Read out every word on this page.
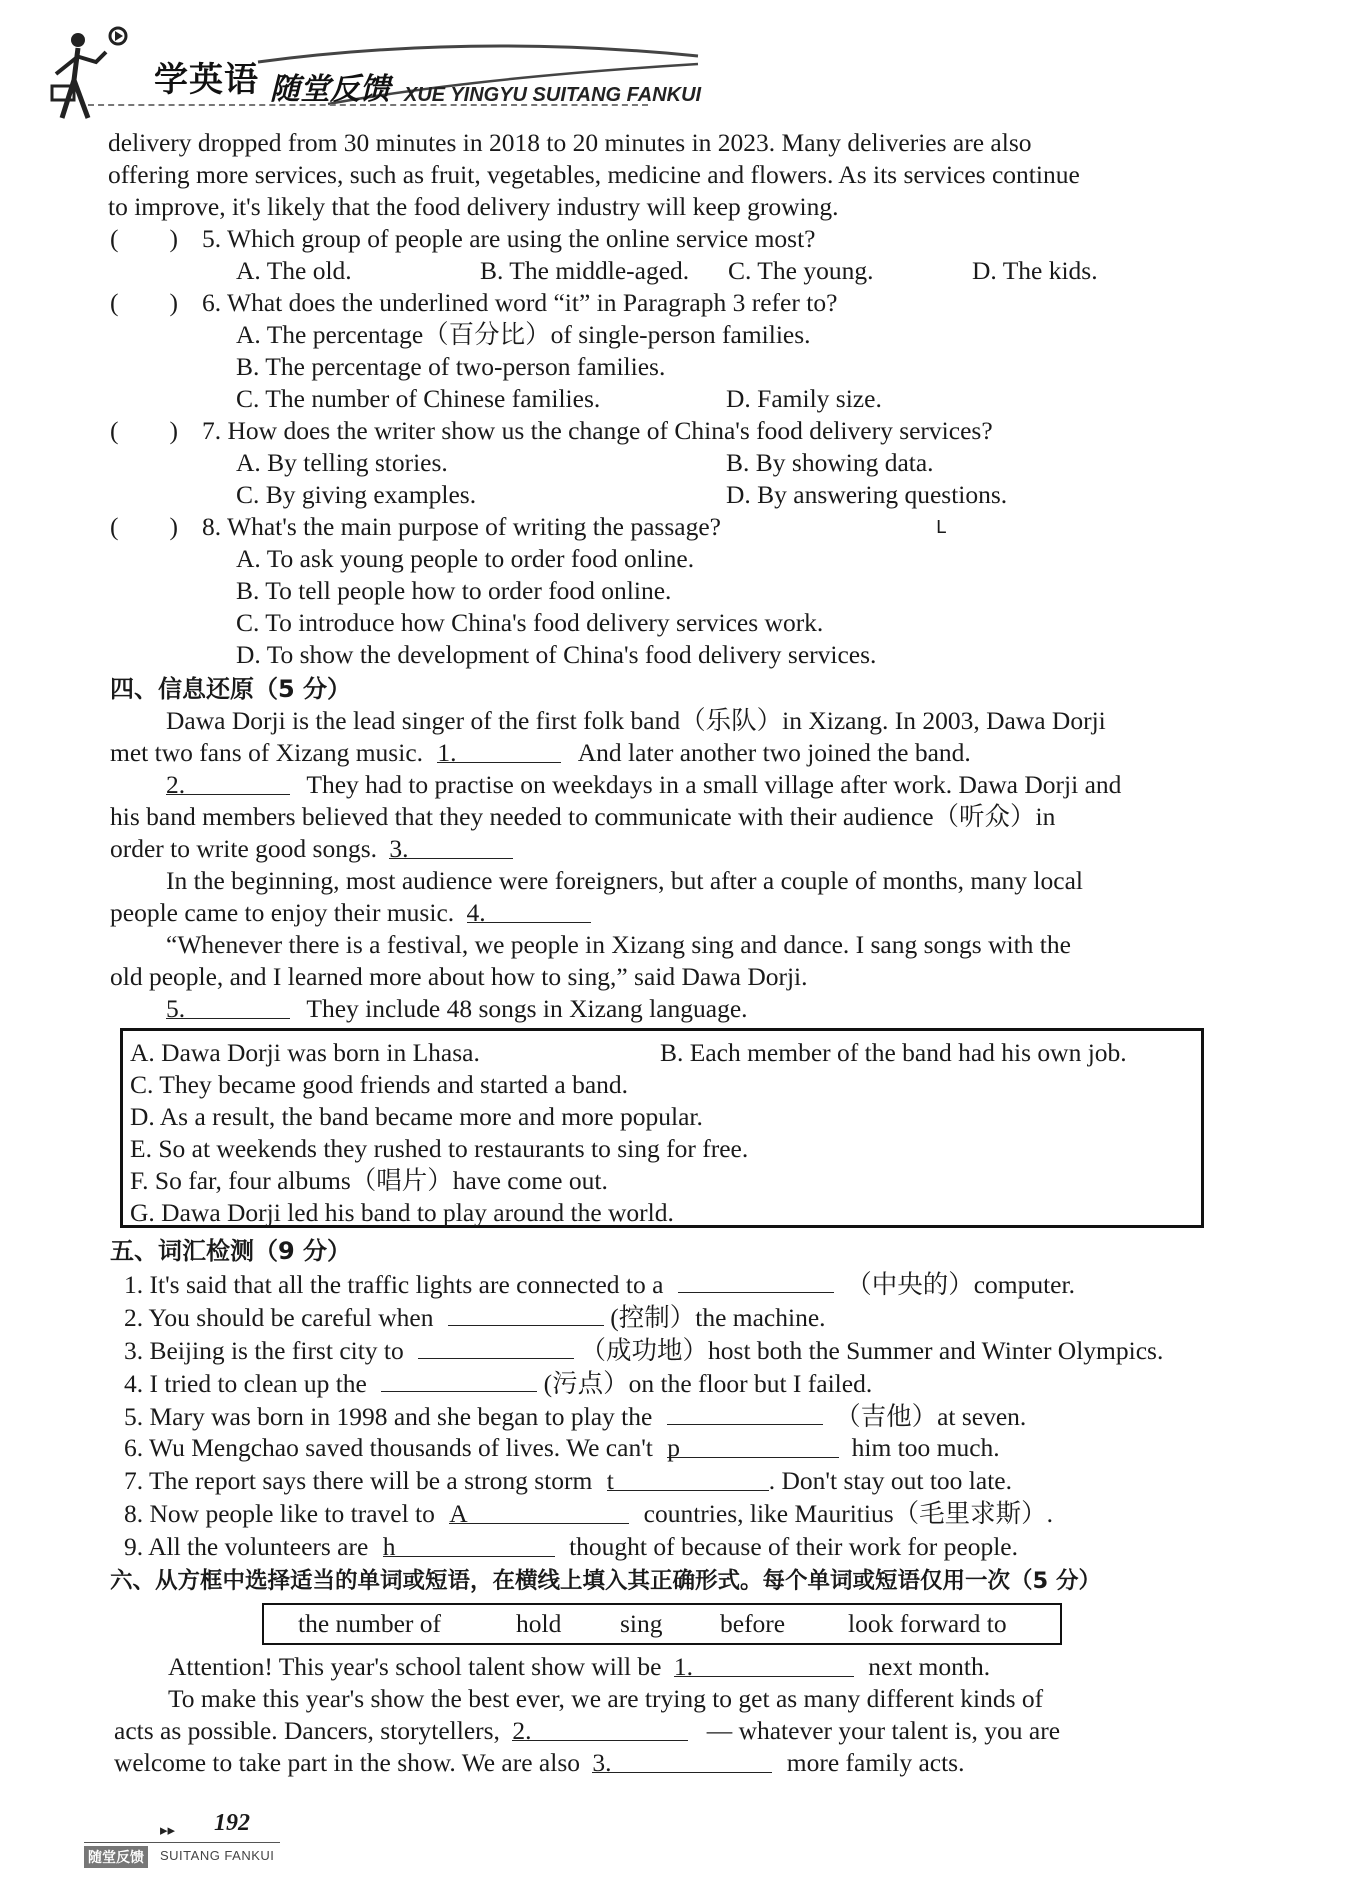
学英语 随堂反馈 XUE YINGYU SUITANG FANKUI
delivery dropped from 30 minutes in 2018 to 20 minutes in 2023. Many deliveries are also
offering more services, such as fruit, vegetables, medicine and flowers. As its services continue
to improve, it's likely that the food delivery industry will keep growing.
(　　) 5. Which group of people are using the online service most?
A. The old.	B. The middle-aged. C. The young.	D. The kids.
(　　) 6. What does the underlined word “it” in Paragraph 3 refer to?
A. The percentage（百分比）of single-person families.
B. The percentage of two-person families.
C. The number of Chinese families.	D. Family size.
(　　) 7. How does the writer show us the change of China's food delivery services?
A. By telling stories.	B. By showing data.
C. By giving examples.	D. By answering questions.
(　　) 8. What's the main purpose of writing the passage?	ᒪ
A. To ask young people to order food online.
B. To tell people how to order food online.
C. To introduce how China's food delivery services work.
D. To show the development of China's food delivery services.
四、信息还原（5 分）
Dawa Dorji is the lead singer of the first folk band（乐队）in Xizang. In 2003, Dawa Dorji
met two fans of Xizang music. 1.	And later another two joined the band.
2.	They had to practise on weekdays in a small village after work. Dawa Dorji and
his band members believed that they needed to communicate with their audience（听众）in
order to write good songs. 3.
In the beginning, most audience were foreigners, but after a couple of months, many local
people came to enjoy their music. 4.
“Whenever there is a festival, we people in Xizang sing and dance. I sang songs with the
old people, and I learned more about how to sing,” said Dawa Dorji.
5.	They include 48 songs in Xizang language.
A. Dawa Dorji was born in Lhasa.	B. Each member of the band had his own job.
C. They became good friends and started a band.
D. As a result, the band became more and more popular.
E. So at weekends they rushed to restaurants to sing for free.
F. So far, four albums（唱片）have come out.
G. Dawa Dorji led his band to play around the world.
五、词汇检测（9 分）
1. It's said that all the traffic lights are connected to a	（中央的）computer.
2. You should be careful when	(控制）the machine.
3. Beijing is the first city to	（成功地）host both the Summer and Winter Olympics.
4. I tried to clean up the	(污点）on the floor but I failed.
5. Mary was born in 1998 and she began to play the	（吉他）at seven.
6. Wu Mengchao saved thousands of lives. We can't p	him too much.
7. The report says there will be a strong storm t	. Don't stay out too late.
8. Now people like to travel to A	countries, like Mauritius（毛里求斯）.
9. All the volunteers are h	thought of because of their work for people.
六、从方框中选择适当的单词或短语，在横线上填入其正确形式。每个单词或短语仅用一次（5 分）
the number of	hold sing before look forward to
Attention! This year's school talent show will be 1.	next month.
To make this year's show the best ever, we are trying to get as many different kinds of
acts as possible. Dancers, storytellers, 2.	— whatever your talent is, you are
welcome to take part in the show. We are also 3.	more family acts.
▸▸ 192
随堂反馈	SUITANG FANKUI
